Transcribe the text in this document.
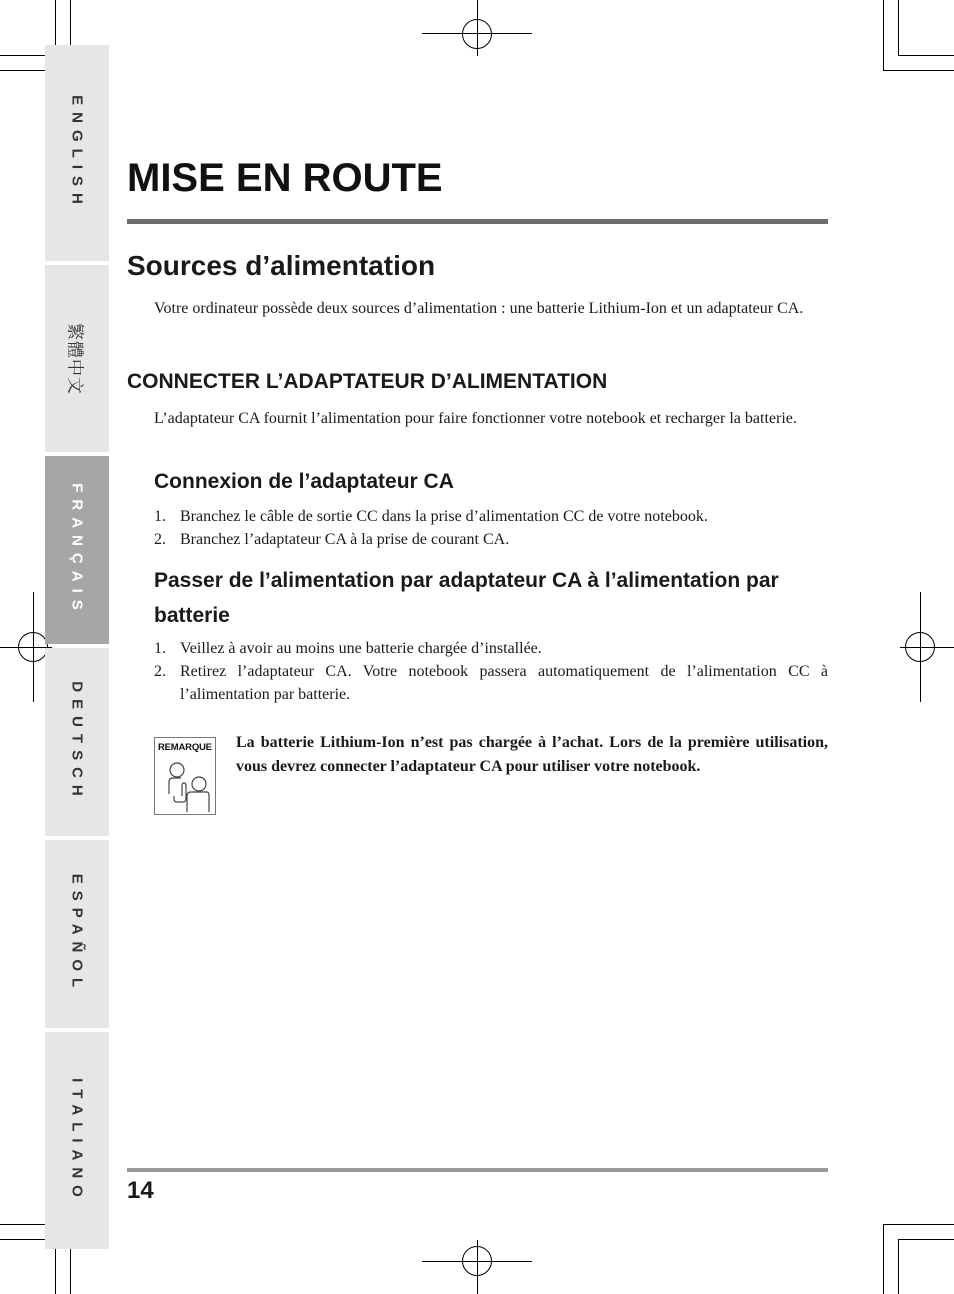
ENGLISH
繁體中文
FRANÇAIS
DEUTSCH
ESPAÑOL
ITALIANO
MISE EN ROUTE
Sources d’alimentation

Votre ordinateur possède deux sources d’alimentation : une batterie Lithium-Ion et un adaptateur CA.

CONNECTER L’ADAPTATEUR D’ALIMENTATION

L’adaptateur CA fournit l’alimentation pour faire fonctionner votre notebook et recharger la batterie.

Connexion de l’adaptateur CA
1. Branchez le câble de sortie CC dans la prise d’alimentation CC de votre notebook.
2. Branchez l’adaptateur CA à la prise de courant CA.
Passer de l’alimentation par adaptateur CA à l’alimentation par batterie
1. Veillez à avoir au moins une batterie chargée d’installée.
2. Retirez l’adaptateur CA. Votre notebook passera automatiquement de l’alimentation CC à l’alimentation par batterie.
REMARQUE La batterie Lithium-Ion n’est pas chargée à l’achat. Lors de la première utilisation, vous devrez connecter l’adaptateur CA pour utiliser votre notebook.

14
